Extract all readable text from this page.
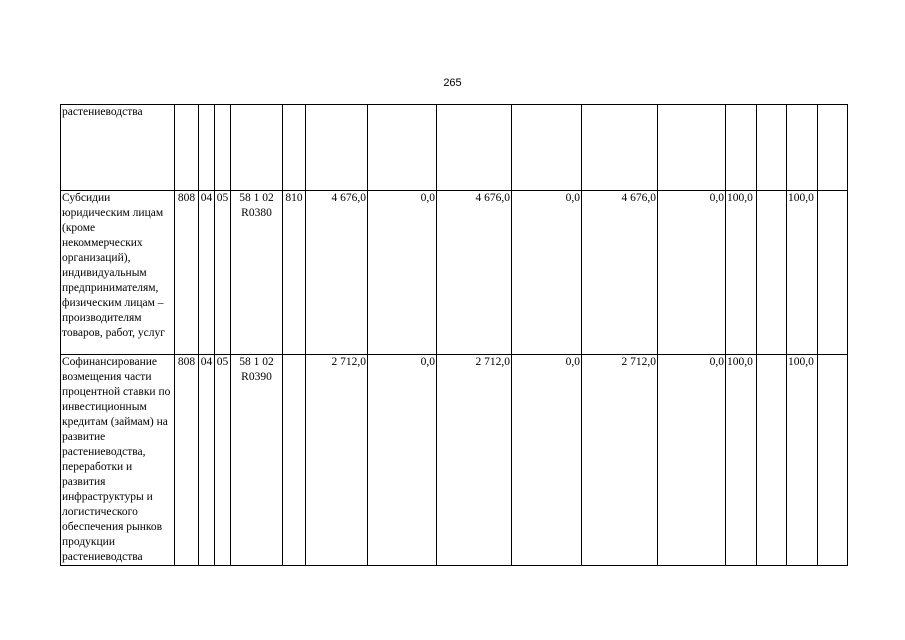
265
растениеводства															
Субсидии юридическим лицам (кроме некоммерческих организаций), индивидуальным предпринимателям, физическим лицам – производителям товаров, работ, услуг	808	04	05	58 1 02 R0380	810	4 676,0	0,0	4 676,0	0,0	4 676,0	0,0	100,0		100,0	
Софинансирование возмещения части процентной ставки по инвестиционным кредитам (займам) на развитие растениеводства, переработки и развития инфраструктуры и логистического обеспечения рынков продукции растениеводства	808	04	05	58 1 02 R0390		2 712,0	0,0	2 712,0	0,0	2 712,0	0,0	100,0		100,0	
